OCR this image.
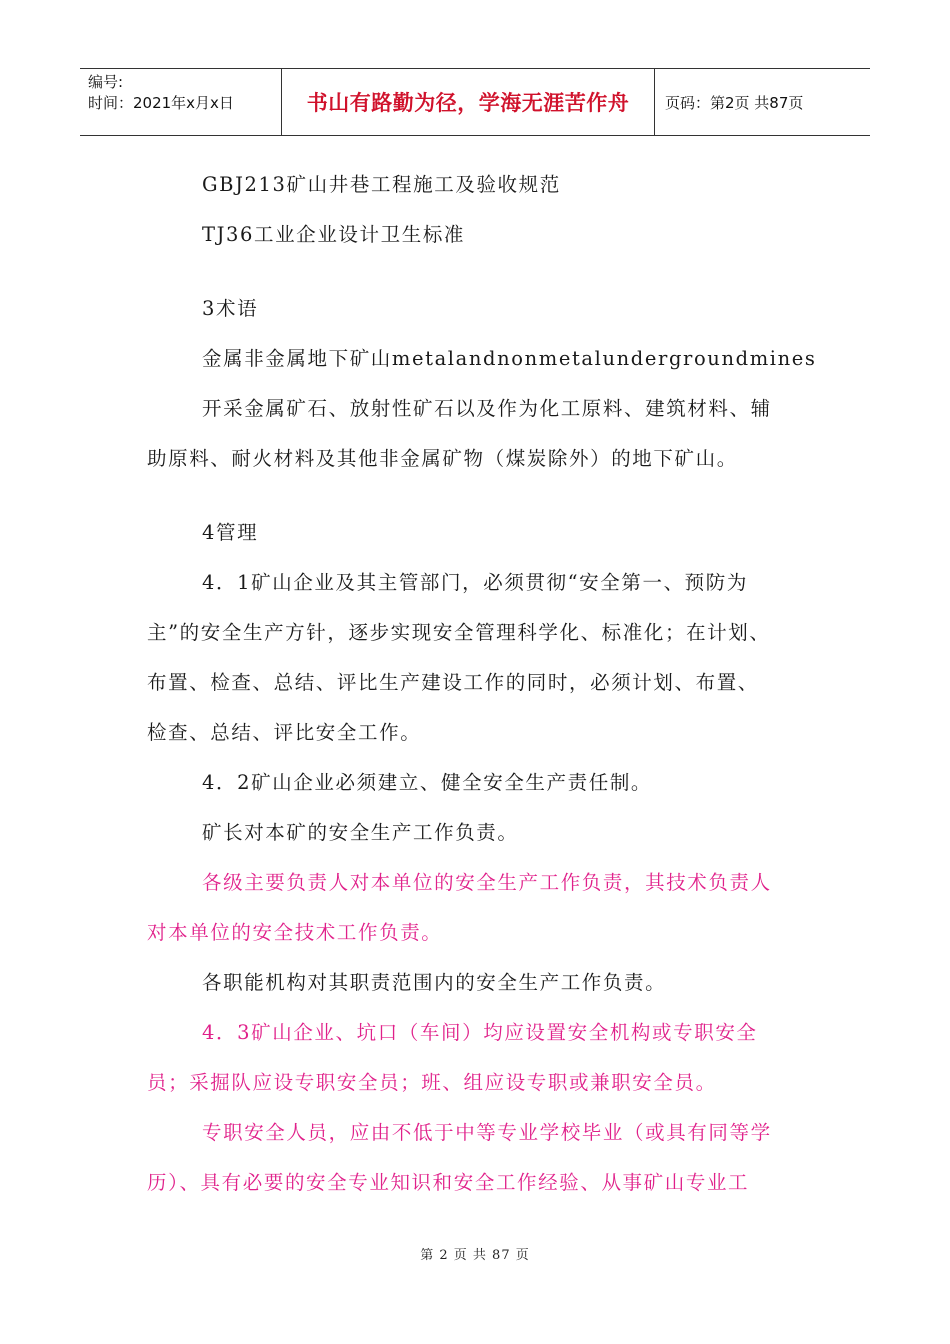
编号:
时间：2021年x月x日	书山有路勤为径，学海无涯苦作舟	页码：第2页 共87页
GBJ213矿山井巷工程施工及验收规范
TJ36工业企业设计卫生标准
3术语
金属非金属地下矿山metalandnonmetalundergroundmines
开采金属矿石、放射性矿石以及作为化工原料、建筑材料、辅
助原料、耐火材料及其他非金属矿物（煤炭除外）的地下矿山。
4管理
4．1矿山企业及其主管部门，必须贯彻“安全第一、预防为
主”的安全生产方针，逐步实现安全管理科学化、标准化；在计划、
布置、检查、总结、评比生产建设工作的同时，必须计划、布置、
检查、总结、评比安全工作。
4．2矿山企业必须建立、健全安全生产责任制。
矿长对本矿的安全生产工作负责。
各级主要负责人对本单位的安全生产工作负责，其技术负责人
对本单位的安全技术工作负责。
各职能机构对其职责范围内的安全生产工作负责。
4．3矿山企业、坑口（车间）均应设置安全机构或专职安全
员；采掘队应设专职安全员；班、组应设专职或兼职安全员。
专职安全人员，应由不低于中等专业学校毕业（或具有同等学
历）、具有必要的安全专业知识和安全工作经验、从事矿山专业工
第 2 页 共 87 页
